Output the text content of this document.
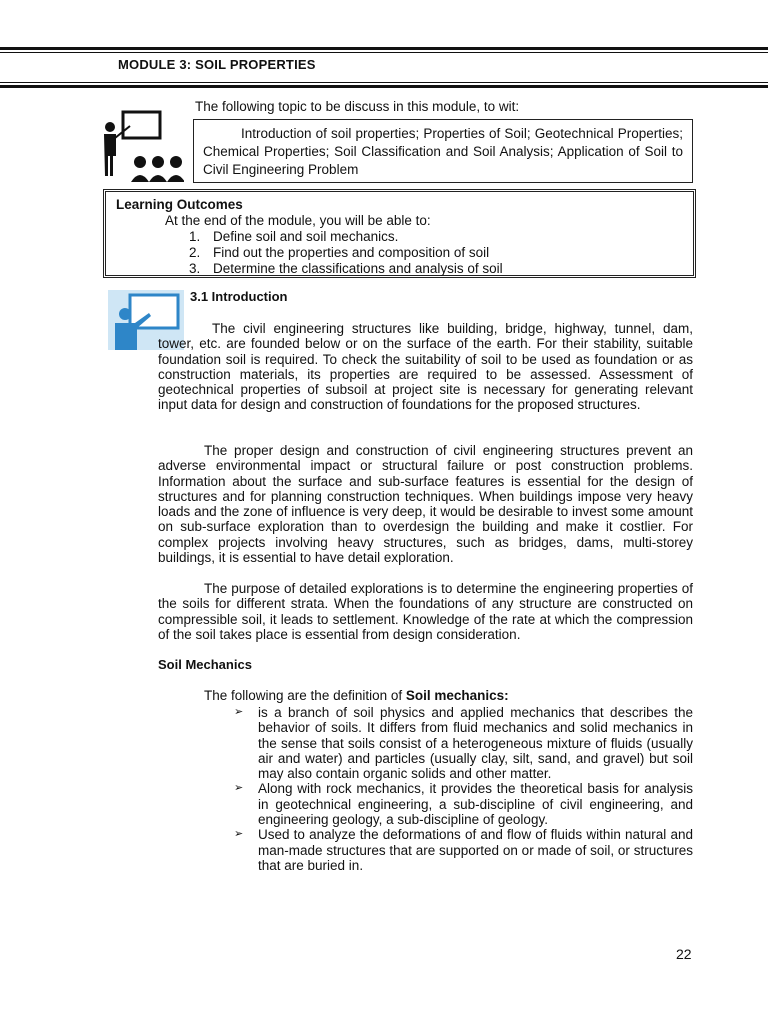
MODULE 3: SOIL PROPERTIES
The following topic to be discuss in this module, to wit:
Introduction of soil properties; Properties of Soil; Geotechnical Properties; Chemical Properties; Soil Classification and Soil Analysis; Application of Soil to Civil Engineering Problem
Learning Outcomes
At the end of the module, you will be able to:
1. Define soil and soil mechanics.
2. Find out the properties and composition of soil
3. Determine the classifications and analysis of soil
3.1 Introduction

The civil engineering structures like building, bridge, highway, tunnel, dam, tower, etc. are founded below or on the surface of the earth. For their stability, suitable foundation soil is required. To check the suitability of soil to be used as foundation or as construction materials, its properties are required to be assessed. Assessment of geotechnical properties of subsoil at project site is necessary for generating relevant input data for design and construction of foundations for the proposed structures.

The proper design and construction of civil engineering structures prevent an adverse environmental impact or structural failure or post construction problems. Information about the surface and sub-surface features is essential for the design of structures and for planning construction techniques. When buildings impose very heavy loads and the zone of influence is very deep, it would be desirable to invest some amount on sub-surface exploration than to overdesign the building and make it costlier. For complex projects involving heavy structures, such as bridges, dams, multi-storey buildings, it is essential to have detail exploration.

The purpose of detailed explorations is to determine the engineering properties of the soils for different strata. When the foundations of any structure are constructed on compressible soil, it leads to settlement. Knowledge of the rate at which the compression of the soil takes place is essential from design consideration.

Soil Mechanics
The following are the definition of Soil mechanics:
➢	is a branch of soil physics and applied mechanics that describes the behavior of soils. It differs from fluid mechanics and solid mechanics in the sense that soils consist of a heterogeneous mixture of fluids (usually air and water) and particles (usually clay, silt, sand, and gravel) but soil may also contain organic solids and other matter.
➢	Along with rock mechanics, it provides the theoretical basis for analysis in geotechnical engineering, a sub-discipline of civil engineering, and engineering geology, a sub-discipline of geology.
➢	Used to analyze the deformations of and flow of fluids within natural and man-made structures that are supported on or made of soil, or structures that are buried in.
22
